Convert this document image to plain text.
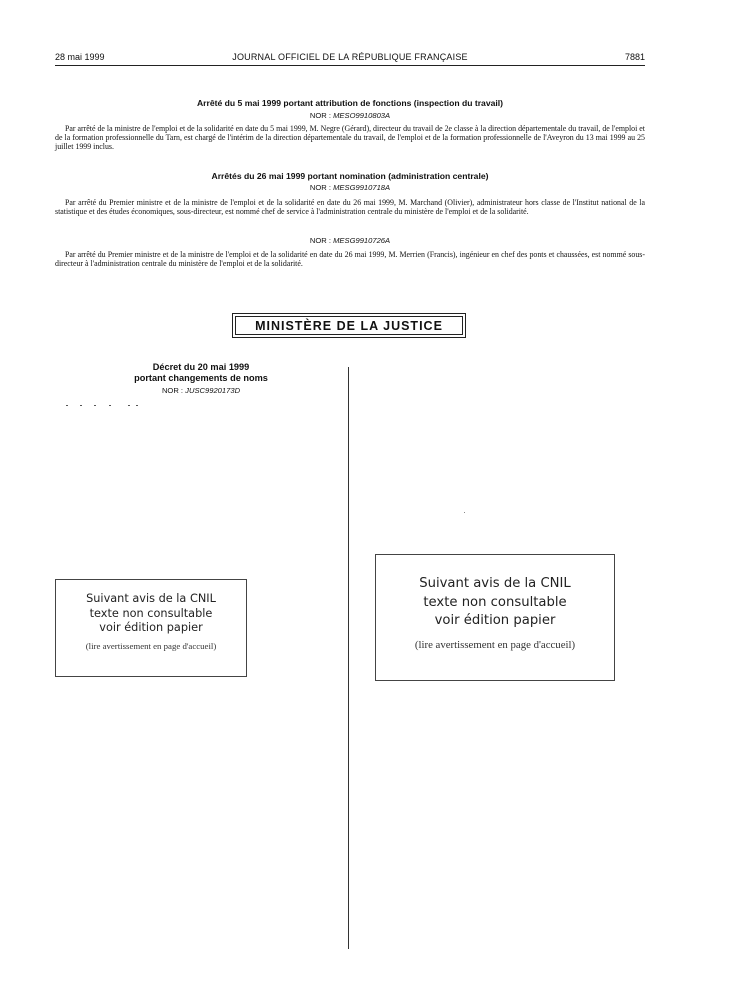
28 mai 1999	JOURNAL OFFICIEL DE LA RÉPUBLIQUE FRANÇAISE	7881
Arrêté du 5 mai 1999 portant attribution de fonctions (inspection du travail)
NOR : MESO9910803A

Par arrêté de la ministre de l'emploi et de la solidarité en date du 5 mai 1999, M. Negre (Gérard), directeur du travail de 2e classe à la direction départementale du travail, de l'emploi et de la formation professionnelle du Tarn, est chargé de l'intérim de la direction départementale du travail, de l'emploi et de la formation professionnelle de l'Aveyron du 13 mai 1999 au 25 juillet 1999 inclus.

Arrêtés du 26 mai 1999 portant nomination (administration centrale)
NOR : MESG9910718A

Par arrêté du Premier ministre et de la ministre de l'emploi et de la solidarité en date du 26 mai 1999, M. Marchand (Olivier), administrateur hors classe de l'Institut national de la statistique et des études économiques, sous-directeur, est nommé chef de service à l'administration centrale du ministère de l'emploi et de la solidarité.

NOR : MESG9910726A

Par arrêté du Premier ministre et de la ministre de l'emploi et de la solidarité en date du 26 mai 1999, M. Merrien (Francis), ingénieur en chef des ponts et chaussées, est nommé sous-directeur à l'administration centrale du ministère de l'emploi et de la solidarité.

MINISTÈRE DE LA JUSTICE
Décret du 20 mai 1999
portant changements de noms
NOR : JUSC9920173D
Suivant avis de la CNIL
texte non consultable
voir édition papier
(lire avertissement en page d'accueil)
Suivant avis de la CNIL
texte non consultable
voir édition papier
(lire avertissement en page d'accueil)
